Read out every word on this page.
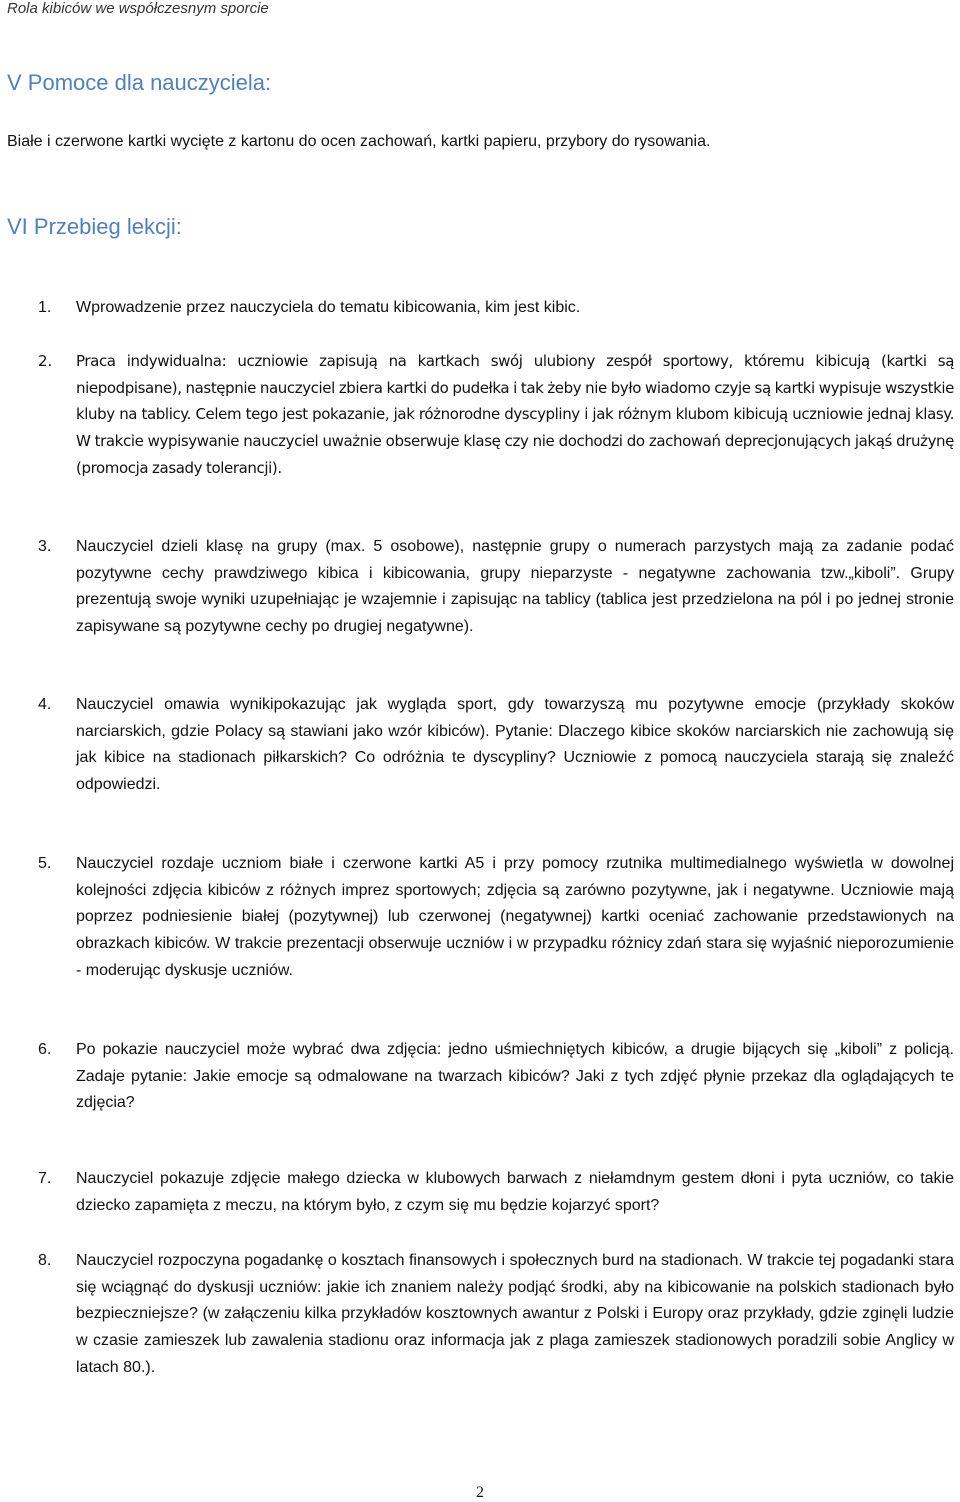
Rola kibiców we współczesnym sporcie
V Pomoce dla nauczyciela:
Białe i czerwone kartki wycięte z kartonu do ocen zachowań, kartki papieru, przybory do rysowania.
VI Przebieg lekcji:
1. Wprowadzenie przez nauczyciela do tematu kibicowania, kim jest kibic.
2. Praca indywidualna: uczniowie zapisują na kartkach swój ulubiony zespół sportowy, któremu kibicują (kartki są niepodpisane), następnie nauczyciel zbiera kartki do pudełka i tak żeby nie było wiadomo czyje są kartki wypisuje wszystkie kluby na tablicy. Celem tego jest pokazanie, jak różnorodne dyscypliny i jak różnym klubom kibicują uczniowie jednaj klasy. W trakcie wypisywanie nauczyciel uważnie obserwuje klasę czy nie dochodzi do zachowań deprecjonujących jakąś drużynę (promocja zasady tolerancji).
3. Nauczyciel dzieli klasę na grupy (max. 5 osobowe), następnie grupy o numerach parzystych mają za zadanie podać pozytywne cechy prawdziwego kibica i kibicowania, grupy nieparzyste - negatywne zachowania tzw.„kiboli”. Grupy prezentują swoje wyniki uzupełniając je wzajemnie i zapisując na tablicy (tablica jest przedzielona na pól i po jednej stronie zapisywane są pozytywne cechy po drugiej negatywne).
4. Nauczyciel omawia wynikipokazując jak wygląda sport, gdy towarzyszą mu pozytywne emocje (przykłady skoków narciarskich, gdzie Polacy są stawiani jako wzór kibiców). Pytanie: Dlaczego kibice skoków narciarskich nie zachowują się jak kibice na stadionach piłkarskich? Co odróżnia te dyscypliny? Uczniowie z pomocą nauczyciela starają się znaleźć odpowiedzi.
5. Nauczyciel rozdaje uczniom białe i czerwone kartki A5 i przy pomocy rzutnika multimedialnego wyświetla w dowolnej kolejności zdjęcia kibiców z różnych imprez sportowych; zdjęcia są zarówno pozytywne, jak i negatywne. Uczniowie mają poprzez podniesienie białej (pozytywnej) lub czerwonej (negatywnej) kartki oceniać zachowanie przedstawionych na obrazkach kibiców. W trakcie prezentacji obserwuje uczniów i w przypadku różnicy zdań stara się wyjaśnić nieporozumienie - moderując dyskusje uczniów.
6. Po pokazie nauczyciel może wybrać dwa zdjęcia: jedno uśmiechniętych kibiców, a drugie bijących się „kiboli” z policją. Zadaje pytanie: Jakie emocje są odmalowane na twarzach kibiców? Jaki z tych zdjęć płynie przekaz dla oglądających te zdjęcia?
7. Nauczyciel pokazuje zdjęcie małego dziecka w klubowych barwach z niełamdnym gestem dłoni i pyta uczniów, co takie dziecko zapamięta z meczu, na którym było, z czym się mu będzie kojarzyć sport?
8. Nauczyciel rozpoczyna pogadankę o kosztach finansowych i społecznych burd na stadionach. W trakcie tej pogadanki stara się wciągnąć do dyskusji uczniów: jakie ich znaniem należy podjąć środki, aby na kibicowanie na polskich stadionach było bezpieczniejsze? (w załączeniu kilka przykładów kosztownych awantur z Polski i Europy oraz przykłady, gdzie zginęli ludzie w czasie zamieszek lub zawalenia stadionu oraz informacja jak z plaga zamieszek stadionowych poradzili sobie Anglicy w latach 80.).
2
